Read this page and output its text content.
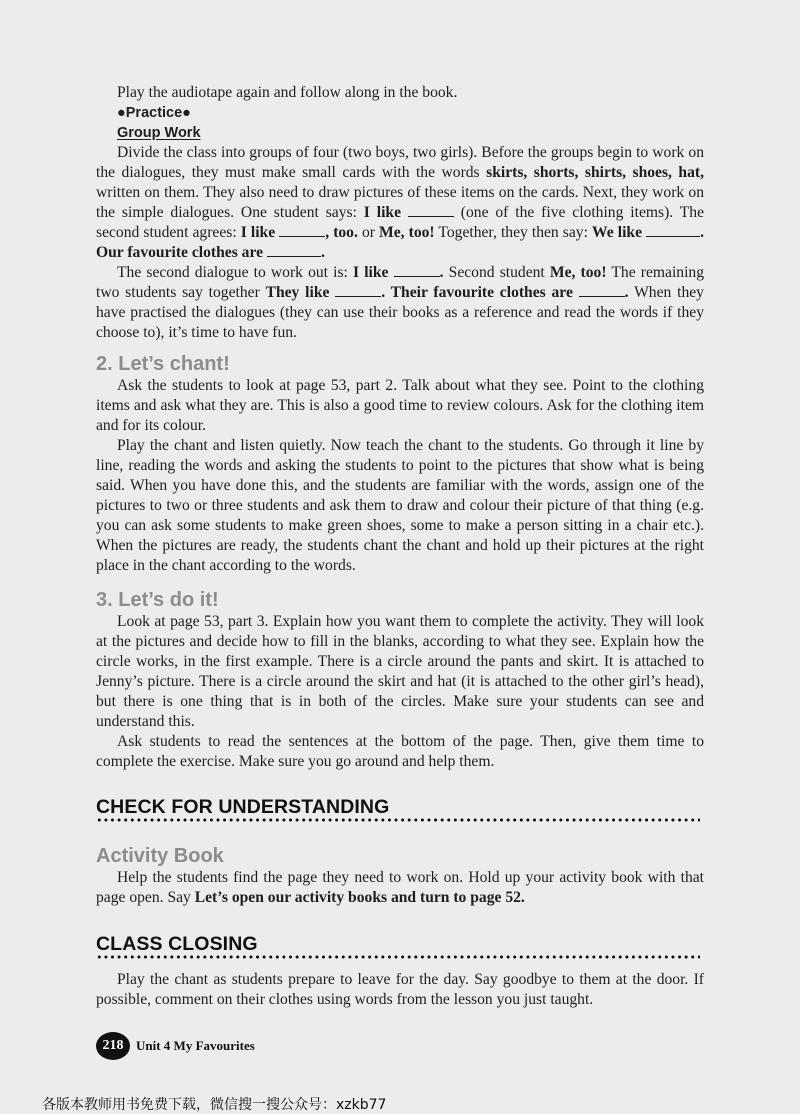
Play the audiotape again and follow along in the book.

●Practice●
Group Work

Divide the class into groups of four (two boys, two girls). Before the groups begin to work on the dialogues, they must make small cards with the words skirts, shorts, shirts, shoes, hat, written on them. They also need to draw pictures of these items on the cards. Next, they work on the simple dialogues. One student says: I like	(one of the five clothing items). The second student agrees: I like	, too. or Me, too! Together, they then say: We like	. Our favourite clothes are	.

The second dialogue to work out is: I like	. Second student Me, too! The remaining two students say together They like	. Their favourite clothes are	. When they have practised the dialogues (they can use their books as a reference and read the words if they choose to), it’s time to have fun.

2. Let’s chant!

Ask the students to look at page 53, part 2. Talk about what they see. Point to the clothing items and ask what they are. This is also a good time to review colours. Ask for the clothing item and for its colour.

Play the chant and listen quietly. Now teach the chant to the students. Go through it line by line, reading the words and asking the students to point to the pictures that show what is being said. When you have done this, and the students are familiar with the words, assign one of the pictures to two or three students and ask them to draw and colour their picture of that thing (e.g. you can ask some students to make green shoes, some to make a person sitting in a chair etc.). When the pictures are ready, the students chant the chant and hold up their pictures at the right place in the chant according to the words.

3. Let’s do it!

Look at page 53, part 3. Explain how you want them to complete the activity. They will look at the pictures and decide how to fill in the blanks, according to what they see. Explain how the circle works, in the first example. There is a circle around the pants and skirt. It is attached to Jenny’s picture. There is a circle around the skirt and hat (it is attached to the other girl’s head), but there is one thing that is in both of the circles. Make sure your students can see and understand this.

Ask students to read the sentences at the bottom of the page. Then, give them time to complete the exercise. Make sure you go around and help them.

CHECK FOR UNDERSTANDING
Activity Book

Help the students find the page they need to work on. Hold up your activity book with that page open. Say Let’s open our activity books and turn to page 52.

CLASS CLOSING

Play the chant as students prepare to leave for the day. Say goodbye to them at the door. If possible, comment on their clothes using words from the lesson you just taught.

218 Unit 4 My Favourites
各版本教师用书免费下载，微信搜一搜公众号：xzkb77
